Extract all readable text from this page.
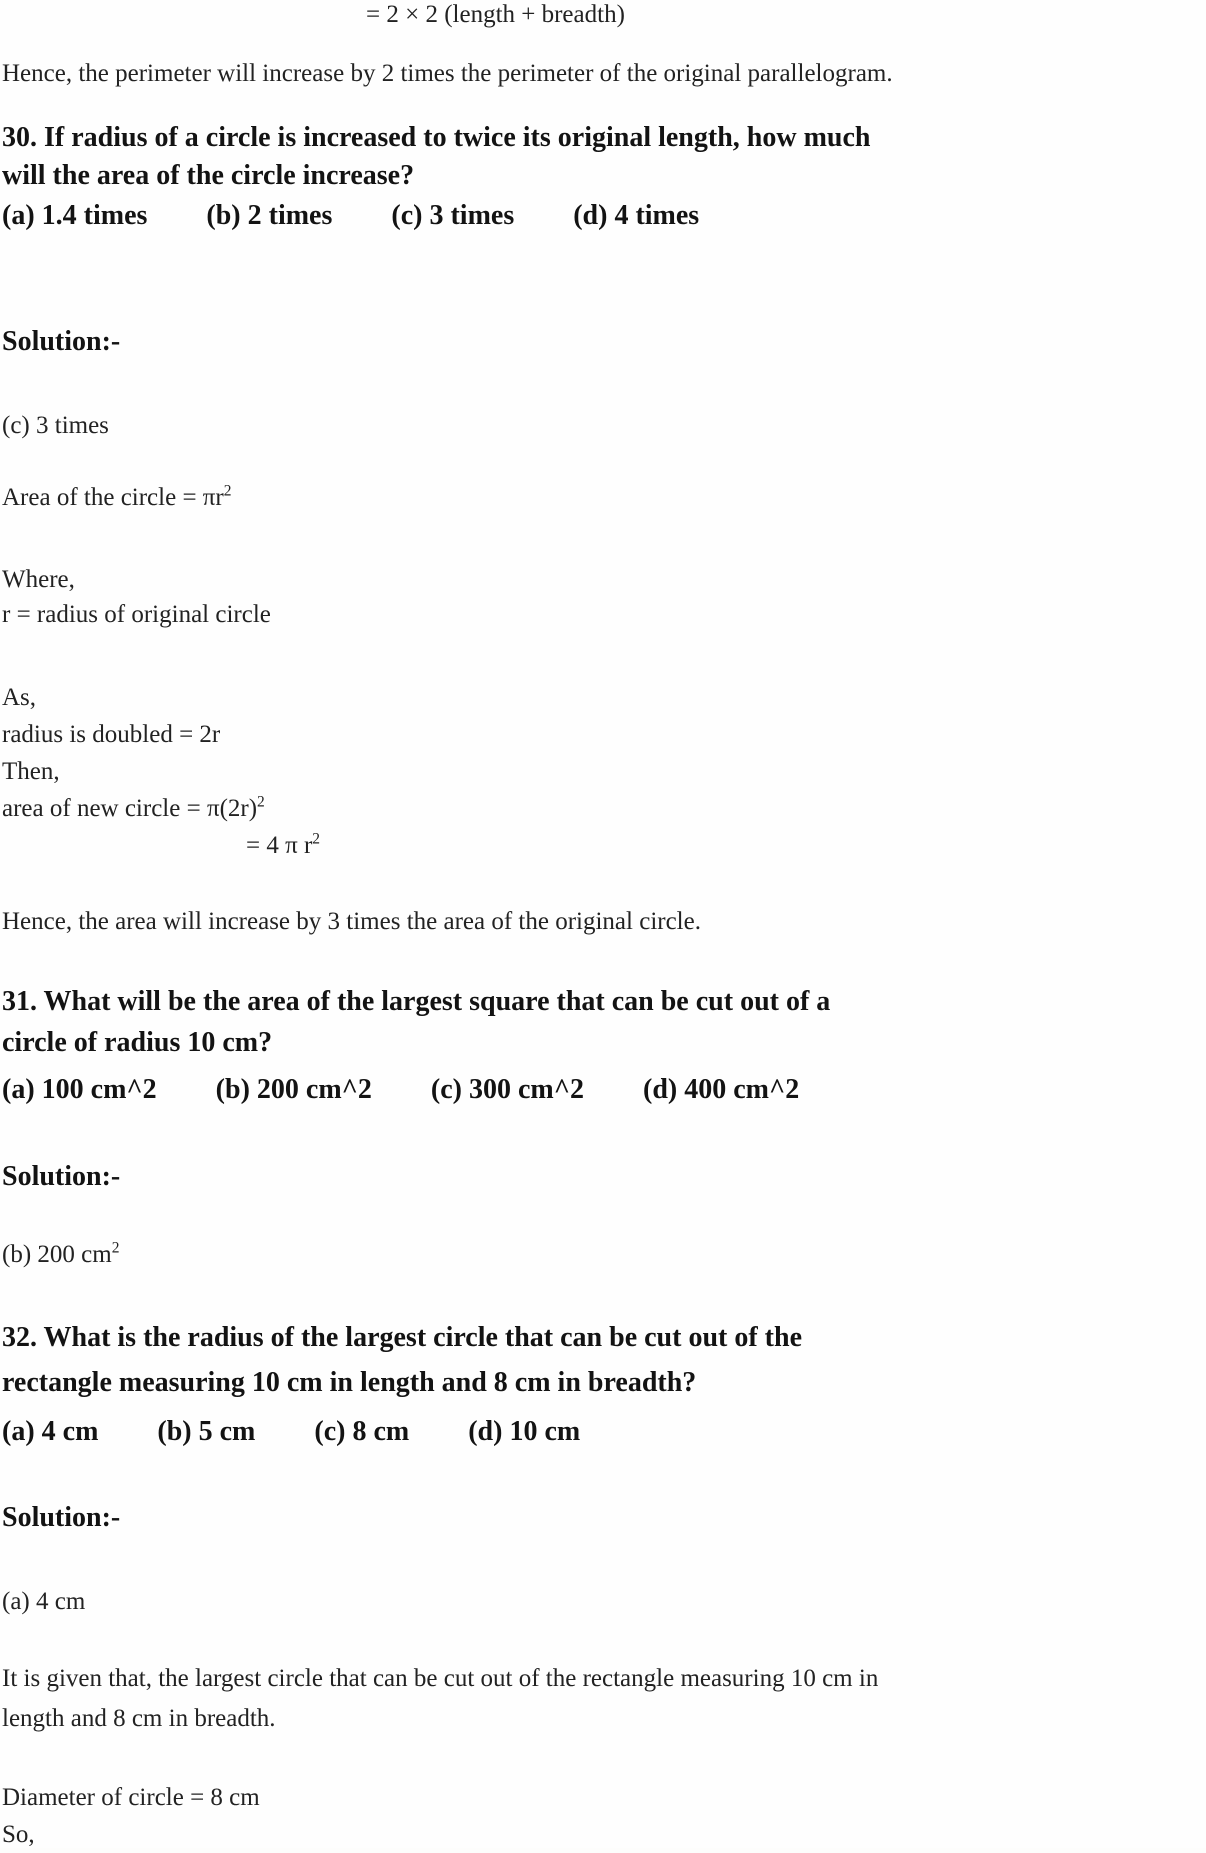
= 2 × 2 (length + breadth)
Hence, the perimeter will increase by 2 times the perimeter of the original parallelogram.
30. If radius of a circle is increased to twice its original length, how much
will the area of the circle increase?
(a) 1.4 times (b) 2 times (c) 3 times (d) 4 times
Solution:-
(c) 3 times
Area of the circle = $\pi r^2$
Where,
r = radius of original circle
As,
radius is doubled = 2r
Then,
area of new circle = $\pi(2r)^2$
= 4 π $r^2$
Hence, the area will increase by 3 times the area of the original circle.
31. What will be the area of the largest square that can be cut out of a
circle of radius 10 cm?
(a) 100 cm^2 (b) 200 cm^2 (c) 300 cm^2 (d) 400 cm^2
Solution:-
(b) 200 $cm^2$
32. What is the radius of the largest circle that can be cut out of the
rectangle measuring 10 cm in length and 8 cm in breadth?
(a) 4 cm (b) 5 cm (c) 8 cm (d) 10 cm
Solution:-
(a) 4 cm
It is given that, the largest circle that can be cut out of the rectangle measuring 10 cm in
length and 8 cm in breadth.
Diameter of circle = 8 cm
So,
